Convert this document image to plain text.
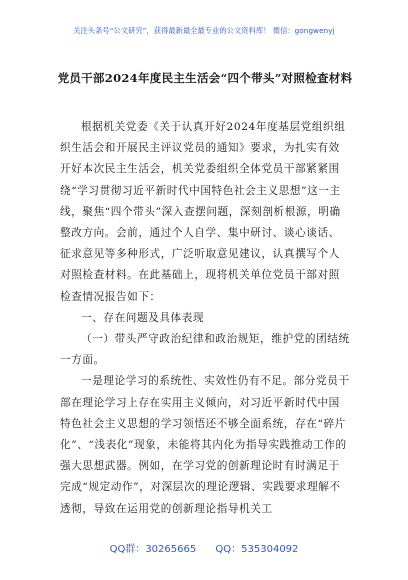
关注头条号“公文研究”，获得最新最全最专业的公文资料库！ 微信：gongwenyj
党员干部2024年度民主生活会“四个带头”对照检查材料

根据机关党委《关于认真开好2024年度基层党组织组织生活会和开展民主评议党员的通知》要求，为扎实有效开好本次民主生活会，机关党委组织全体党员干部紧紧围绕“学习贯彻习近平新时代中国特色社会主义思想”这一主线，聚焦“四个带头”深入查摆问题，深刻剖析根源，明确整改方向。会前，通过个人自学、集中研讨、谈心谈话、征求意见等多种形式，广泛听取意见建议，认真撰写个人对照检查材料。在此基础上，现将机关单位党员干部对照检查情况报告如下：

一、存在问题及具体表现

（一）带头严守政治纪律和政治规矩，维护党的团结统一方面。

一是理论学习的系统性、实效性仍有不足。部分党员干部在理论学习上存在实用主义倾向，对习近平新时代中国特色社会主义思想的学习领悟还不够全面系统，存在“碎片化”、“浅表化”现象，未能将其内化为指导实践推动工作的强大思想武器。例如，在学习党的创新理论时有时满足于完成“规定动作”，对深层次的理论逻辑、实践要求理解不透彻，导致在运用党的创新理论指导机关工

QQ群：30265665 QQ：535304092
